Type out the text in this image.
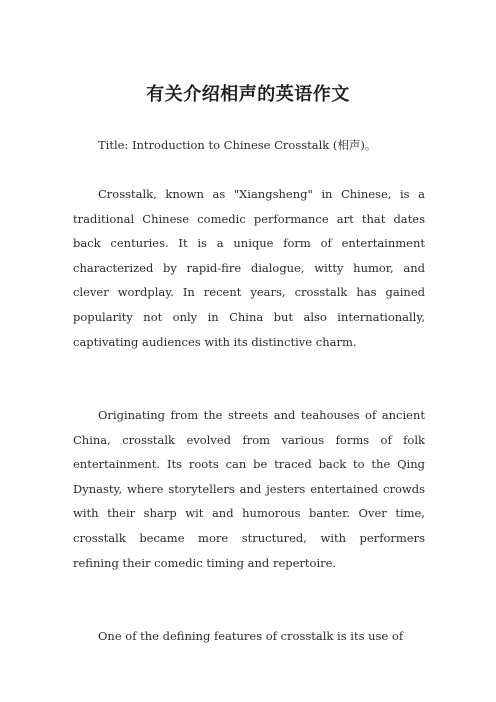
有关介绍相声的英语作文

Title: Introduction to Chinese Crosstalk (相声)。

Crosstalk, known as "Xiangsheng" in Chinese, is a traditional Chinese comedic performance art that dates back centuries. It is a unique form of entertainment characterized by rapid-fire dialogue, witty humor, and clever wordplay. In recent years, crosstalk has gained popularity not only in China but also internationally, captivating audiences with its distinctive charm.

Originating from the streets and teahouses of ancient China, crosstalk evolved from various forms of folk entertainment. Its roots can be traced back to the Qing Dynasty, where storytellers and jesters entertained crowds with their sharp wit and humorous banter. Over time, crosstalk became more structured, with performers refining their comedic timing and repertoire.

One of the defining features of crosstalk is its use of
